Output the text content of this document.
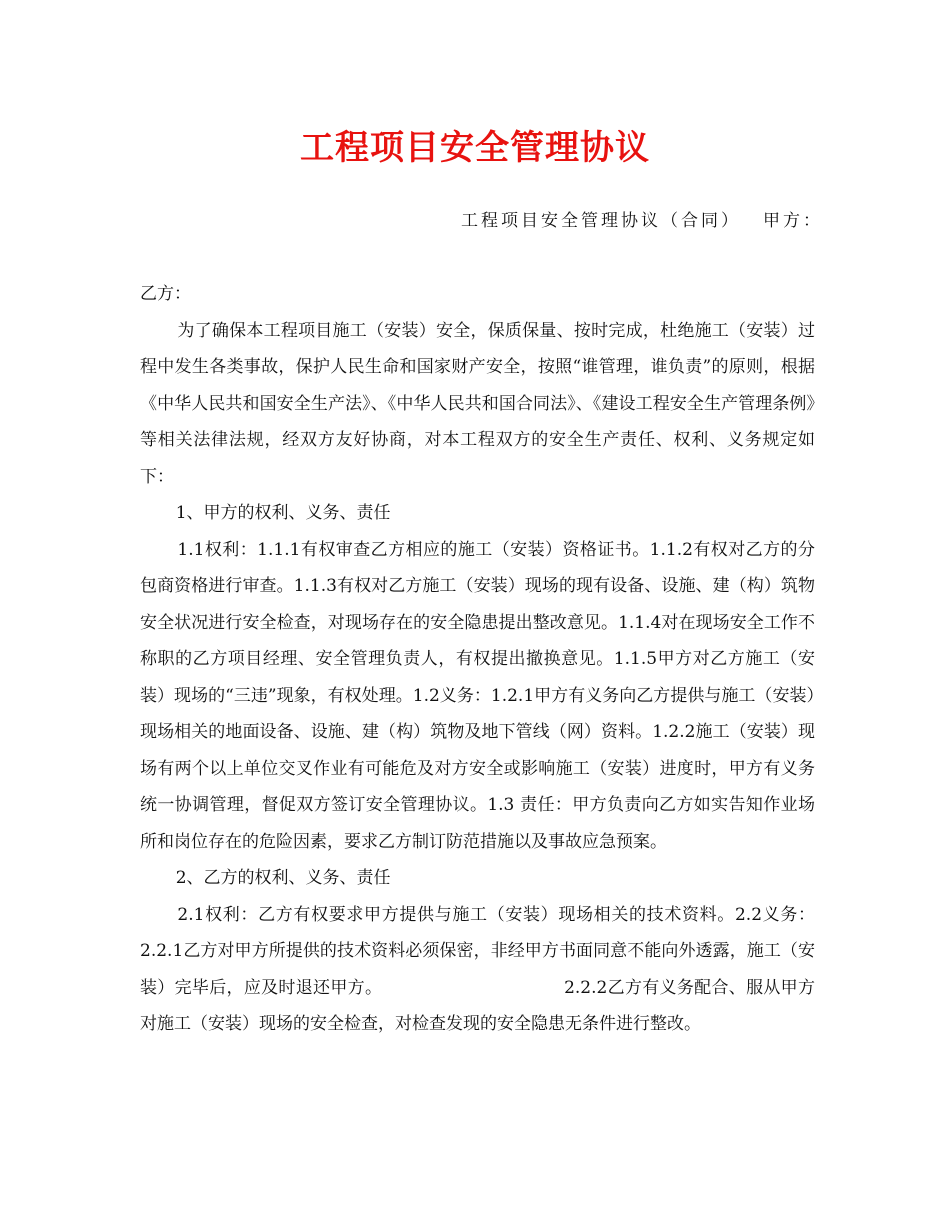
工程项目安全管理协议
工程项目安全管理协议（合同） 甲方：

乙方：

为了确保本工程项目施工（安装）安全，保质保量、按时完成，杜绝施工（安装）过程中发生各类事故，保护人民生命和国家财产安全，按照“谁管理，谁负责”的原则，根据《中华人民共和国安全生产法》、《中华人民共和国合同法》、《建设工程安全生产管理条例》等相关法律法规，经双方友好协商，对本工程双方的安全生产责任、权利、义务规定如下：

1、甲方的权利、义务、责任

1.1权利：1.1.1有权审查乙方相应的施工（安装）资格证书。1.1.2有权对乙方的分包商资格进行审查。1.1.3有权对乙方施工（安装）现场的现有设备、设施、建（构）筑物安全状况进行安全检查，对现场存在的安全隐患提出整改意见。1.1.4对在现场安全工作不称职的乙方项目经理、安全管理负责人，有权提出撤换意见。1.1.5甲方对乙方施工（安装）现场的“三违”现象，有权处理。1.2义务：1.2.1甲方有义务向乙方提供与施工（安装）现场相关的地面设备、设施、建（构）筑物及地下管线（网）资料。1.2.2施工（安装）现场有两个以上单位交叉作业有可能危及对方安全或影响施工（安装）进度时，甲方有义务统一协调管理，督促双方签订安全管理协议。1.3 责任：甲方负责向乙方如实告知作业场所和岗位存在的危险因素，要求乙方制订防范措施以及事故应急预案。

2、乙方的权利、义务、责任

2.1权利：乙方有权要求甲方提供与施工（安装）现场相关的技术资料。2.2义务：2.2.1乙方对甲方所提供的技术资料必须保密，非经甲方书面同意不能向外透露，施工（安装）完毕后，应及时退还甲方。　　　　　　　　　　　2.2.2乙方有义务配合、服从甲方对施工（安装）现场的安全检查，对检查发现的安全隐患无条件进行整改。
